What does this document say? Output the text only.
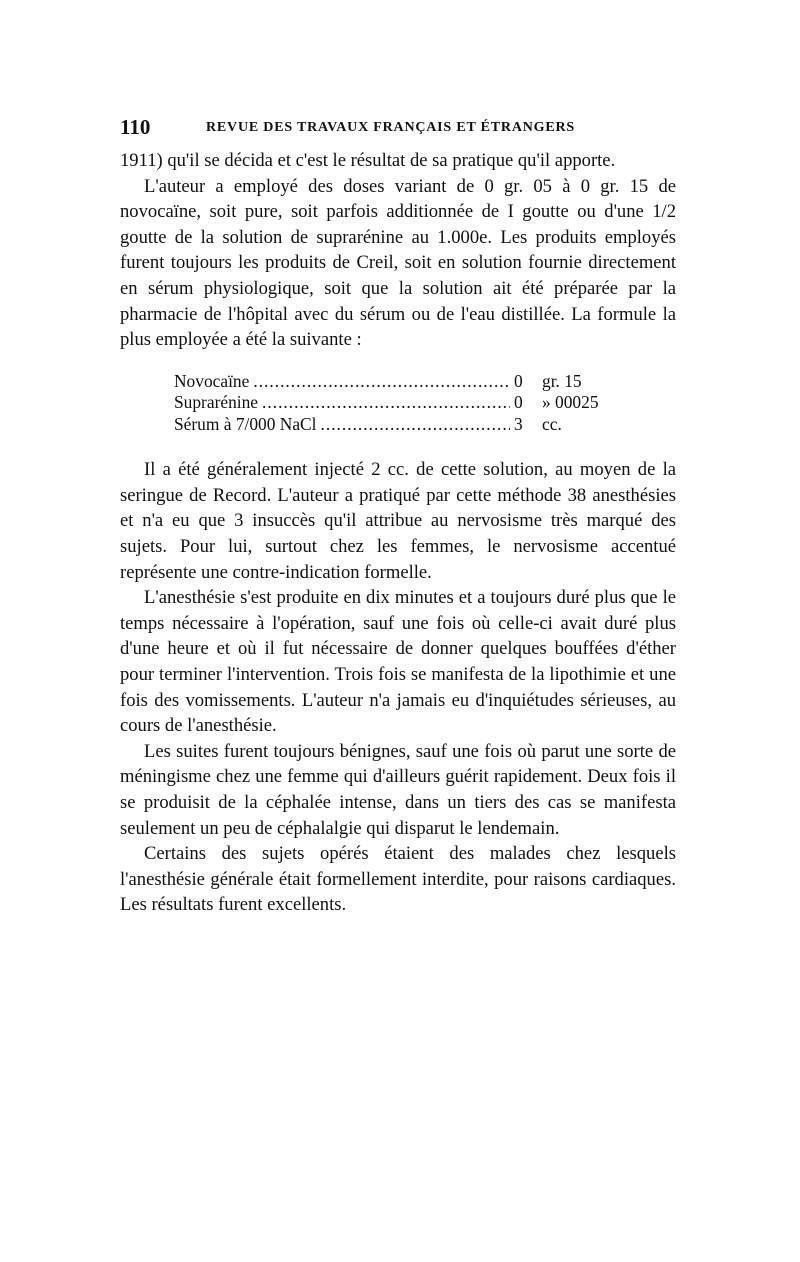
110	REVUE DES TRAVAUX FRANÇAIS ET ÉTRANGERS

1911) qu'il se décida et c'est le résultat de sa pratique qu'il apporte.

L'auteur a employé des doses variant de 0 gr. 05 à 0 gr. 15 de novocaïne, soit pure, soit parfois additionnée de I goutte ou d'une 1/2 goutte de la solution de suprarénine au 1.000e. Les produits employés furent toujours les produits de Creil, soit en solution fournie directement en sérum physiologique, soit que la solution ait été préparée par la pharmacie de l'hôpital avec du sérum ou de l'eau distillée. La formule la plus employée a été la suivante :

Novocaïne .....	0	gr. 15
Suprarénine .....	0	» 00025
Sérum à 7/000 NaCl .....	3	cc.

Il a été généralement injecté 2 cc. de cette solution, au moyen de la seringue de Record. L'auteur a pratiqué par cette méthode 38 anesthésies et n'a eu que 3 insuccès qu'il attribue au nervosisme très marqué des sujets. Pour lui, surtout chez les femmes, le nervosisme accentué représente une contre-indication formelle.

L'anesthésie s'est produite en dix minutes et a toujours duré plus que le temps nécessaire à l'opération, sauf une fois où celle-ci avait duré plus d'une heure et où il fut nécessaire de donner quelques bouffées d'éther pour terminer l'intervention. Trois fois se manifesta de la lipothimie et une fois des vomissements. L'auteur n'a jamais eu d'inquiétudes sérieuses, au cours de l'anesthésie.

Les suites furent toujours bénignes, sauf une fois où parut une sorte de méningisme chez une femme qui d'ailleurs guérit rapidement. Deux fois il se produisit de la céphalée intense, dans un tiers des cas se manifesta seulement un peu de céphalalgie qui disparut le lendemain.

Certains des sujets opérés étaient des malades chez lesquels l'anesthésie générale était formellement interdite, pour raisons cardiaques. Les résultats furent excellents.
